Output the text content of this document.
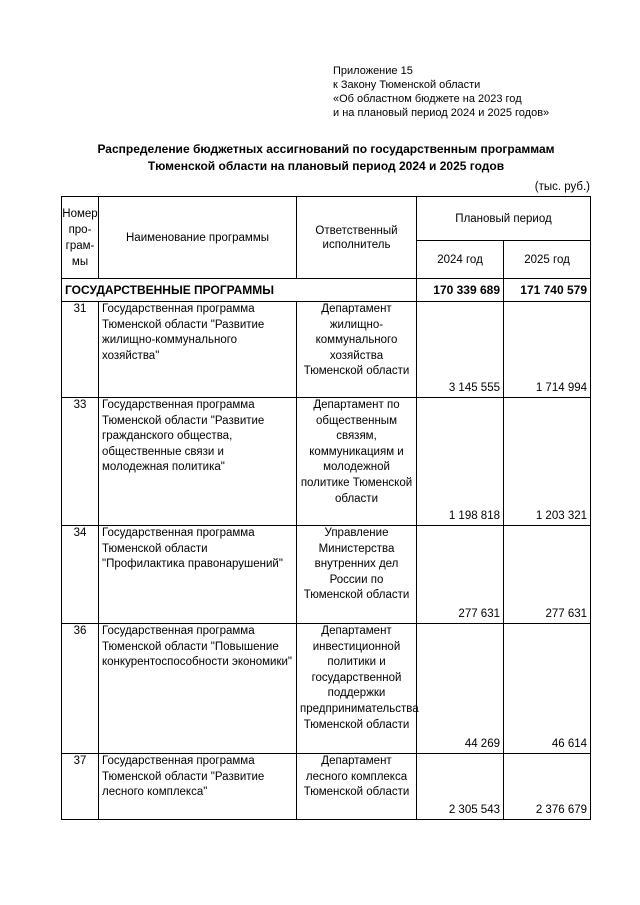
Приложение 15
к Закону Тюменской области
«Об областном бюджете на 2023 год
и на плановый период 2024 и 2025 годов»
Распределение бюджетных ассигнований по государственным программам
Тюменской области на плановый период 2024 и 2025 годов
(тыс. руб.)
Номер про-грам-мы	Наименование программы	Ответственный исполнитель	Плановый период	
			2024 год	2025 год
ГОСУДАРСТВЕННЫЕ ПРОГРАММЫ			170 339 689	171 740 579
31	Государственная программа Тюменской области "Развитие жилищно-коммунального хозяйства"	Департамент жилищно-коммунального хозяйства Тюменской области	3 145 555	1 714 994
33	Государственная программа Тюменской области "Развитие гражданского общества, общественные связи и молодежная политика"	Департамент по общественным связям, коммуникациям и молодежной политике Тюменской области	1 198 818	1 203 321
34	Государственная программа Тюменской области "Профилактика правонарушений"	Управление Министерства внутренних дел России по Тюменской области	277 631	277 631
36	Государственная программа Тюменской области "Повышение конкурентоспособности экономики"	Департамент инвестиционной политики и государственной поддержки предпринимательства Тюменской области	44 269	46 614
37	Государственная программа Тюменской области "Развитие лесного комплекса"	Департамент лесного комплекса Тюменской области	2 305 543	2 376 679
